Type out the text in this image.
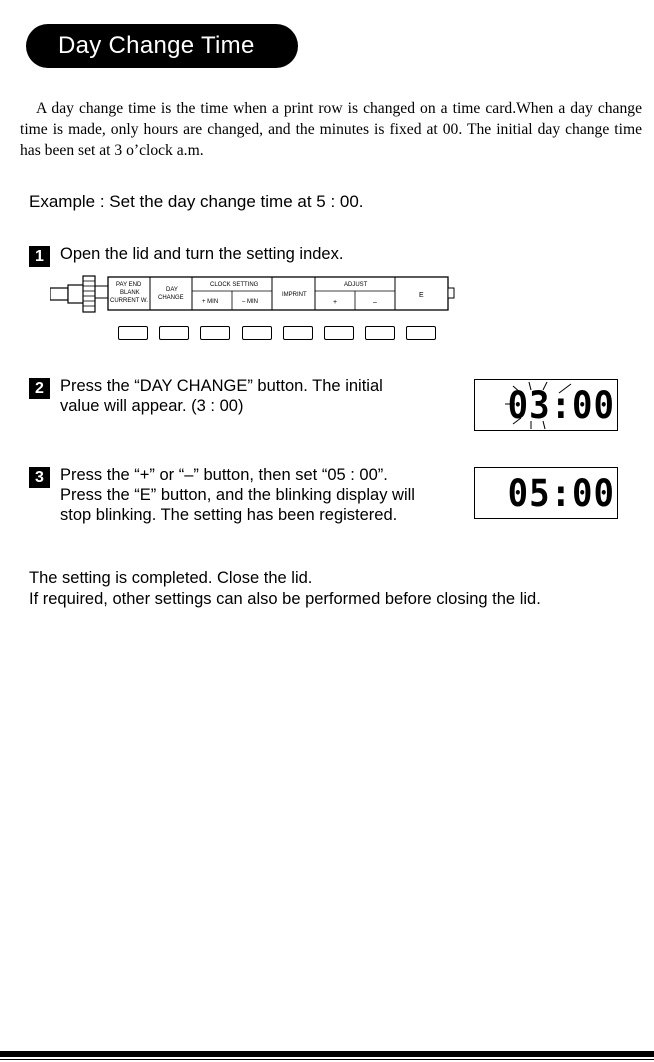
Day Change Time

A day change time is the time when a print row is changed on a time card.When a day change time is made, only hours are changed, and the minutes is fixed at 00. The initial day change time has been set at 3 o’clock a.m.

Example : Set the day change time at 5 : 00.
1 Open the lid and turn the setting index.
PAY END
BLANK
CURRENT W.
DAY
CHANGE
CLOCK SETTING
+ MIN	– MIN
IMPRINT
ADJUST
+	–
E
2 Press the “DAY CHANGE” button. The initial
value will appear. (3 : 00)	03:00
3 Press the “+” or “–” button, then set “05 : 00”.
Press the “E” button, and the blinking display will
stop blinking. The setting has been registered.	05:00
The setting is completed. Close the lid.
If required, other settings can also be performed before closing the lid.
